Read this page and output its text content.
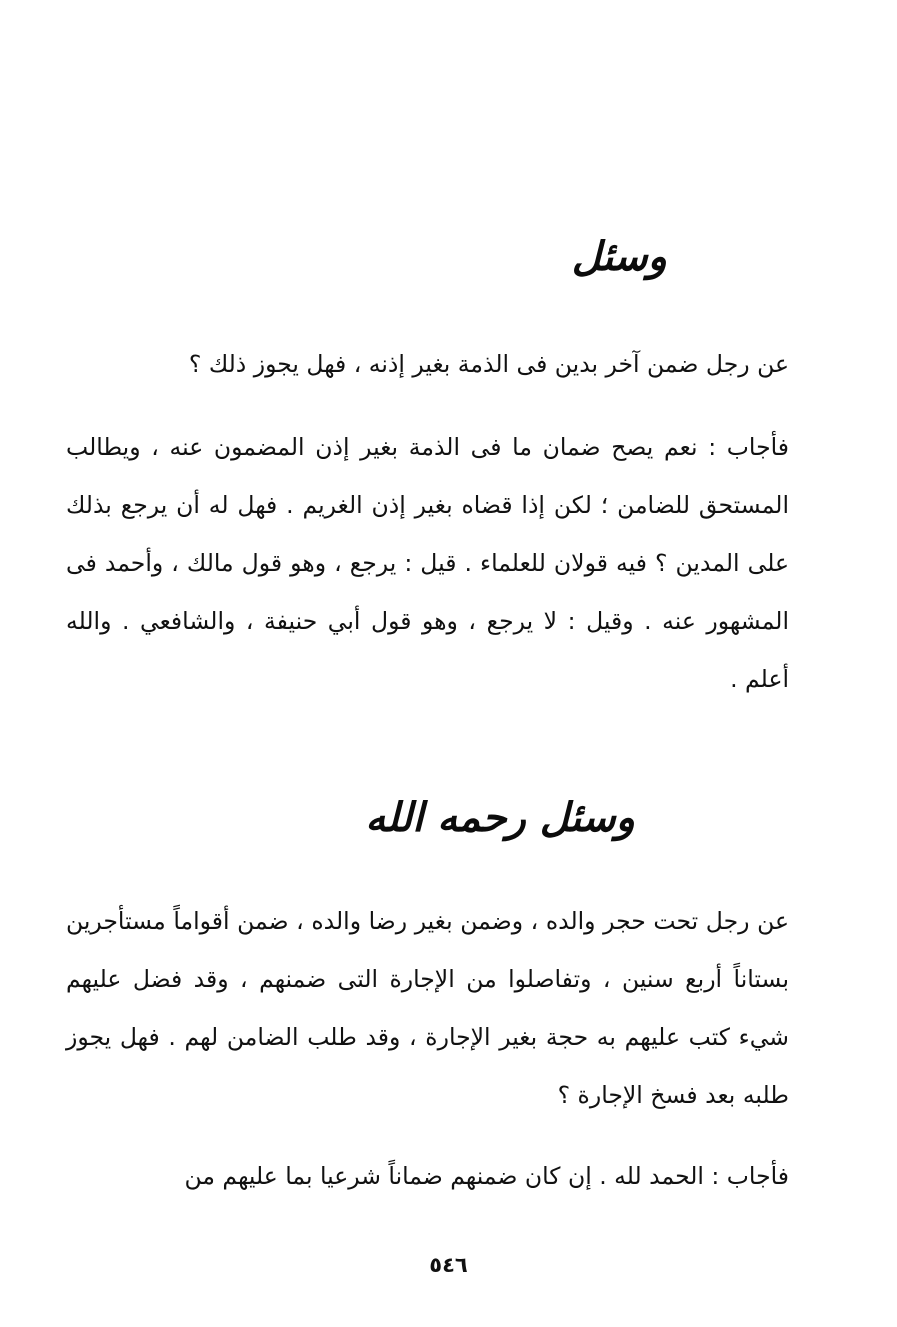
وسئل
عن رجل ضمن آخر بدين فى الذمة بغير إذنه ، فهل يجوز ذلك ؟
فأجاب : نعم يصح ضمان ما فى الذمة بغير إذن المضمون عنه ، ويطالب المستحق للضامن ؛ لكن إذا قضاه بغير إذن الغريم . فهل له أن يرجع بذلك على المدين ؟ فيه قولان للعلماء . قيل : يرجع ، وهو قول مالك ، وأحمد فى المشهور عنه . وقيل : لا يرجع ، وهو قول أبي حنيفة ، والشافعي . والله أعلم .
وسئل رحمه الله
عن رجل تحت حجر والده ، وضمن بغير رضا والده ، ضمن أقواماً مستأجرين بستاناً أربع سنين ، وتفاصلوا من الإجارة التى ضمنهم ، وقد فضل عليهم شيء كتب عليهم به حجة بغير الإجارة ، وقد طلب الضامن لهم . فهل يجوز طلبه بعد فسخ الإجارة ؟
فأجاب : الحمد لله . إن كان ضمنهم ضماناً شرعيا بما عليهم من
٥٤٦
